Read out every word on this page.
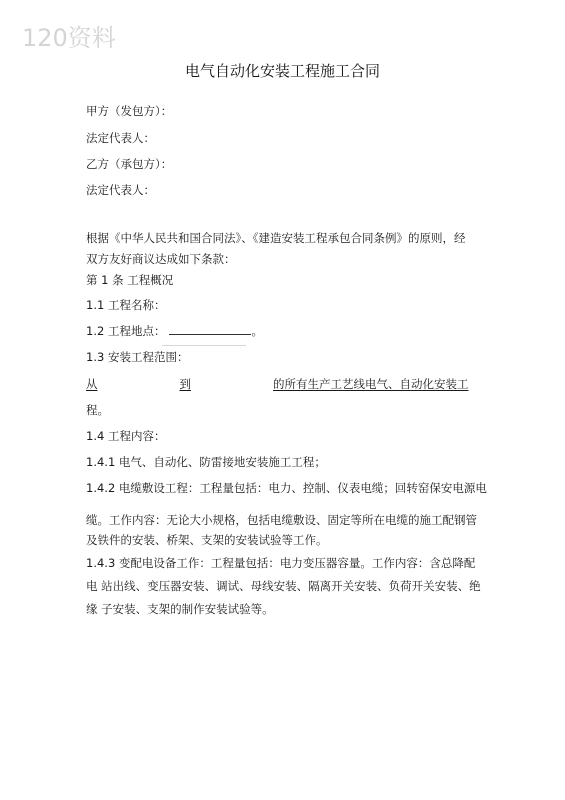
120资料
电气自动化安装工程施工合同
甲方（发包方）：
法定代表人：
乙方（承包方）：
法定代表人：
根据《中华人民共和国合同法》、《建造安装工程承包合同条例》的原则，经
双方友好商议达成如下条款：
第 1 条 工程概况
1.1 工程名称：
1.2 工程地点：	。
1.3 安装工程范围：
从	到	的所有生产工艺线电气、自动化安装工
程。
1.4 工程内容：
1.4.1 电气、自动化、防雷接地安装施工工程；
1.4.2 电缆敷设工程：工程量包括：电力、控制、仪表电缆；回转窑保安电源电
缆。工作内容：无论大小规格，包括电缆敷设、固定等所在电缆的施工配钢管
及铁件的安装、桥架、支架的安装试验等工作。
1.4.3 变配电设备工作：工程量包括：电力变压器容量。工作内容：含总降配
电 站出线、变压器安装、调试、母线安装、隔离开关安装、负荷开关安装、绝
缘 子安装、支架的制作安装试验等。
